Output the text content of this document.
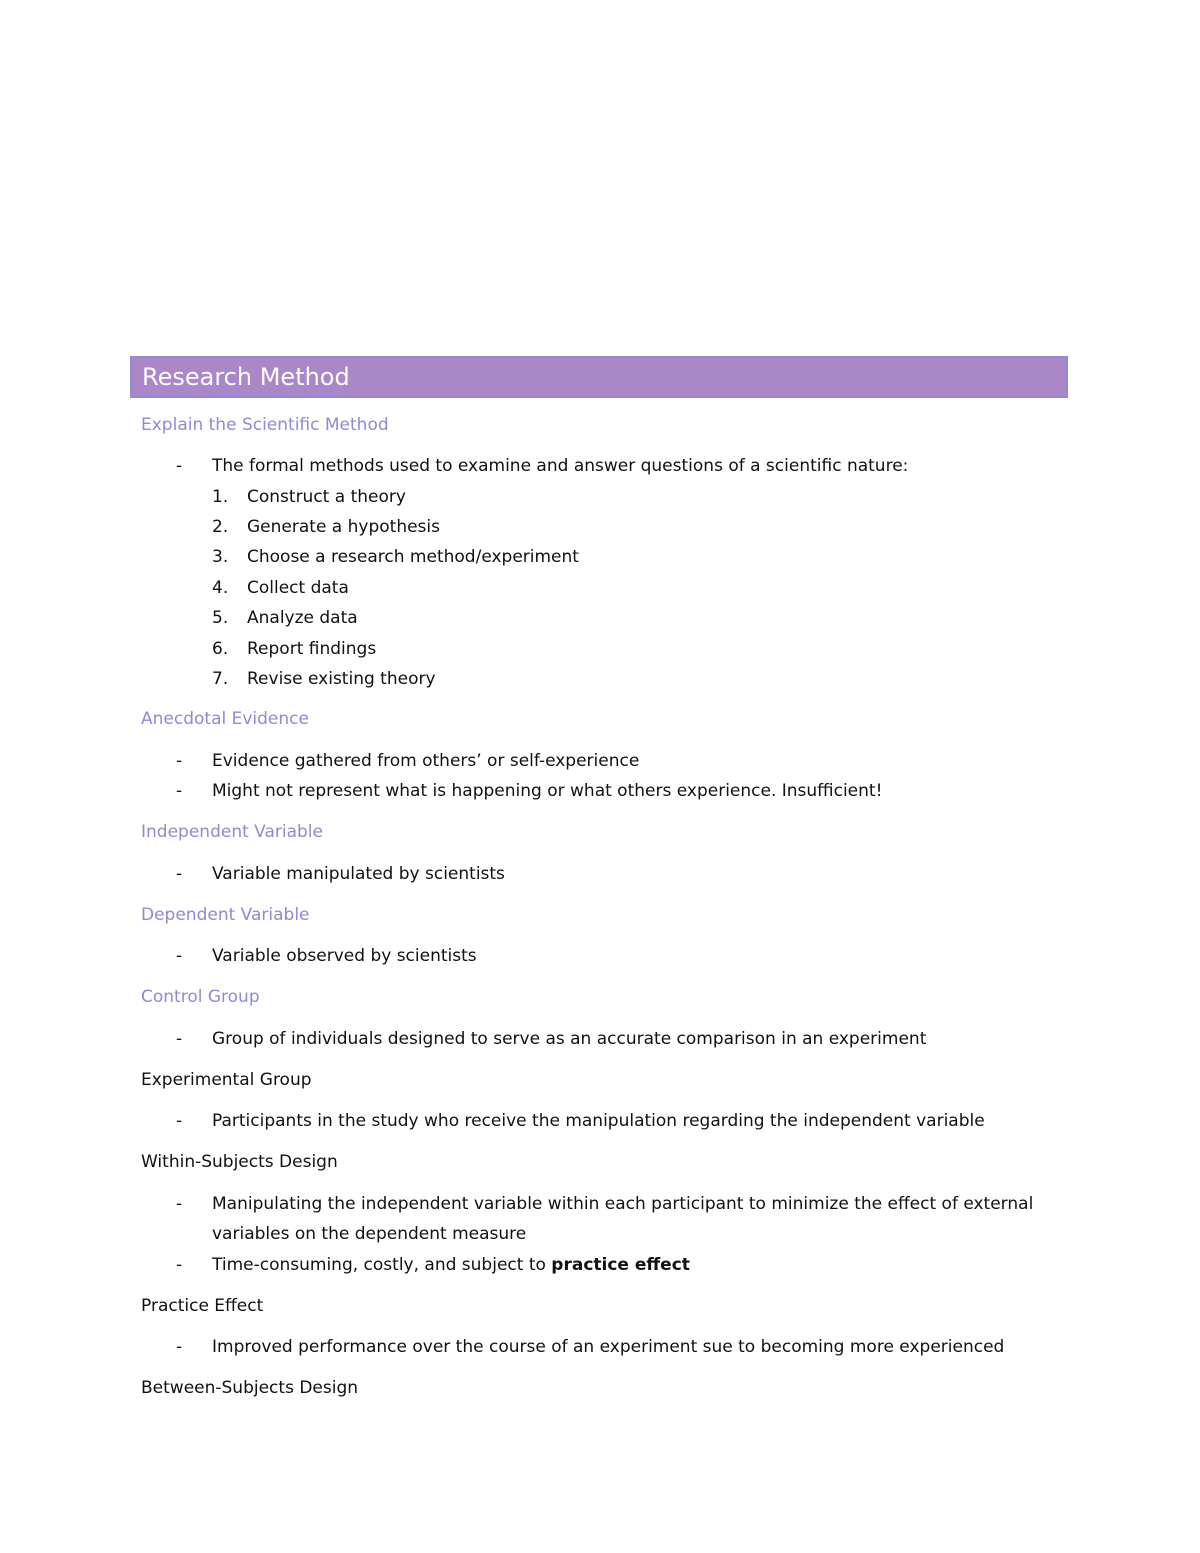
Research Method
Explain the Scientific Method
- The formal methods used to examine and answer questions of a scientific nature:
1. Construct a theory
2. Generate a hypothesis
3. Choose a research method/experiment
4. Collect data
5. Analyze data
6. Report findings
7. Revise existing theory
Anecdotal Evidence
- Evidence gathered from others’ or self-experience
- Might not represent what is happening or what others experience. Insufficient!
Independent Variable
- Variable manipulated by scientists
Dependent Variable
- Variable observed by scientists
Control Group
- Group of individuals designed to serve as an accurate comparison in an experiment
Experimental Group
- Participants in the study who receive the manipulation regarding the independent variable
Within-Subjects Design
- Manipulating the independent variable within each participant to minimize the effect of external
variables on the dependent measure
- Time-consuming, costly, and subject to practice effect
Practice Effect
- Improved performance over the course of an experiment sue to becoming more experienced
Between-Subjects Design
